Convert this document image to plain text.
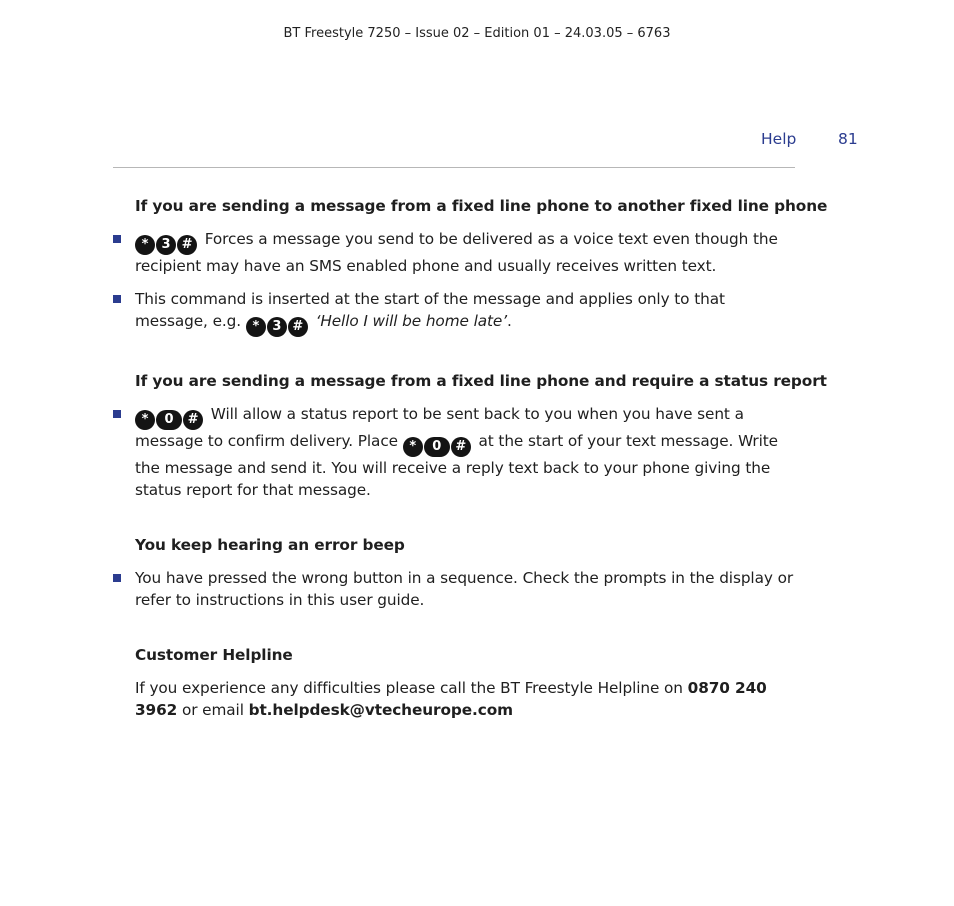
BT Freestyle 7250 – Issue 02 – Edition 01 – 24.03.05 – 6763
Help	81

If you are sending a message from a fixed line phone to another fixed line phone

* 3 # Forces a message you send to be delivered as a voice text even though the recipient may have an SMS enabled phone and usually receives written text.

This command is inserted at the start of the message and applies only to that message, e.g. * 3 # ‘Hello I will be home late’.

If you are sending a message from a fixed line phone and require a status report

* 0 # Will allow a status report to be sent back to you when you have sent a message to confirm delivery. Place * 0 # at the start of your text message. Write the message and send it. You will receive a reply text back to your phone giving the status report for that message.

You keep hearing an error beep

You have pressed the wrong button in a sequence. Check the prompts in the display or refer to instructions in this user guide.

Customer Helpline

If you experience any difficulties please call the BT Freestyle Helpline on 0870 240 3962 or email bt.helpdesk@vtecheurope.com
